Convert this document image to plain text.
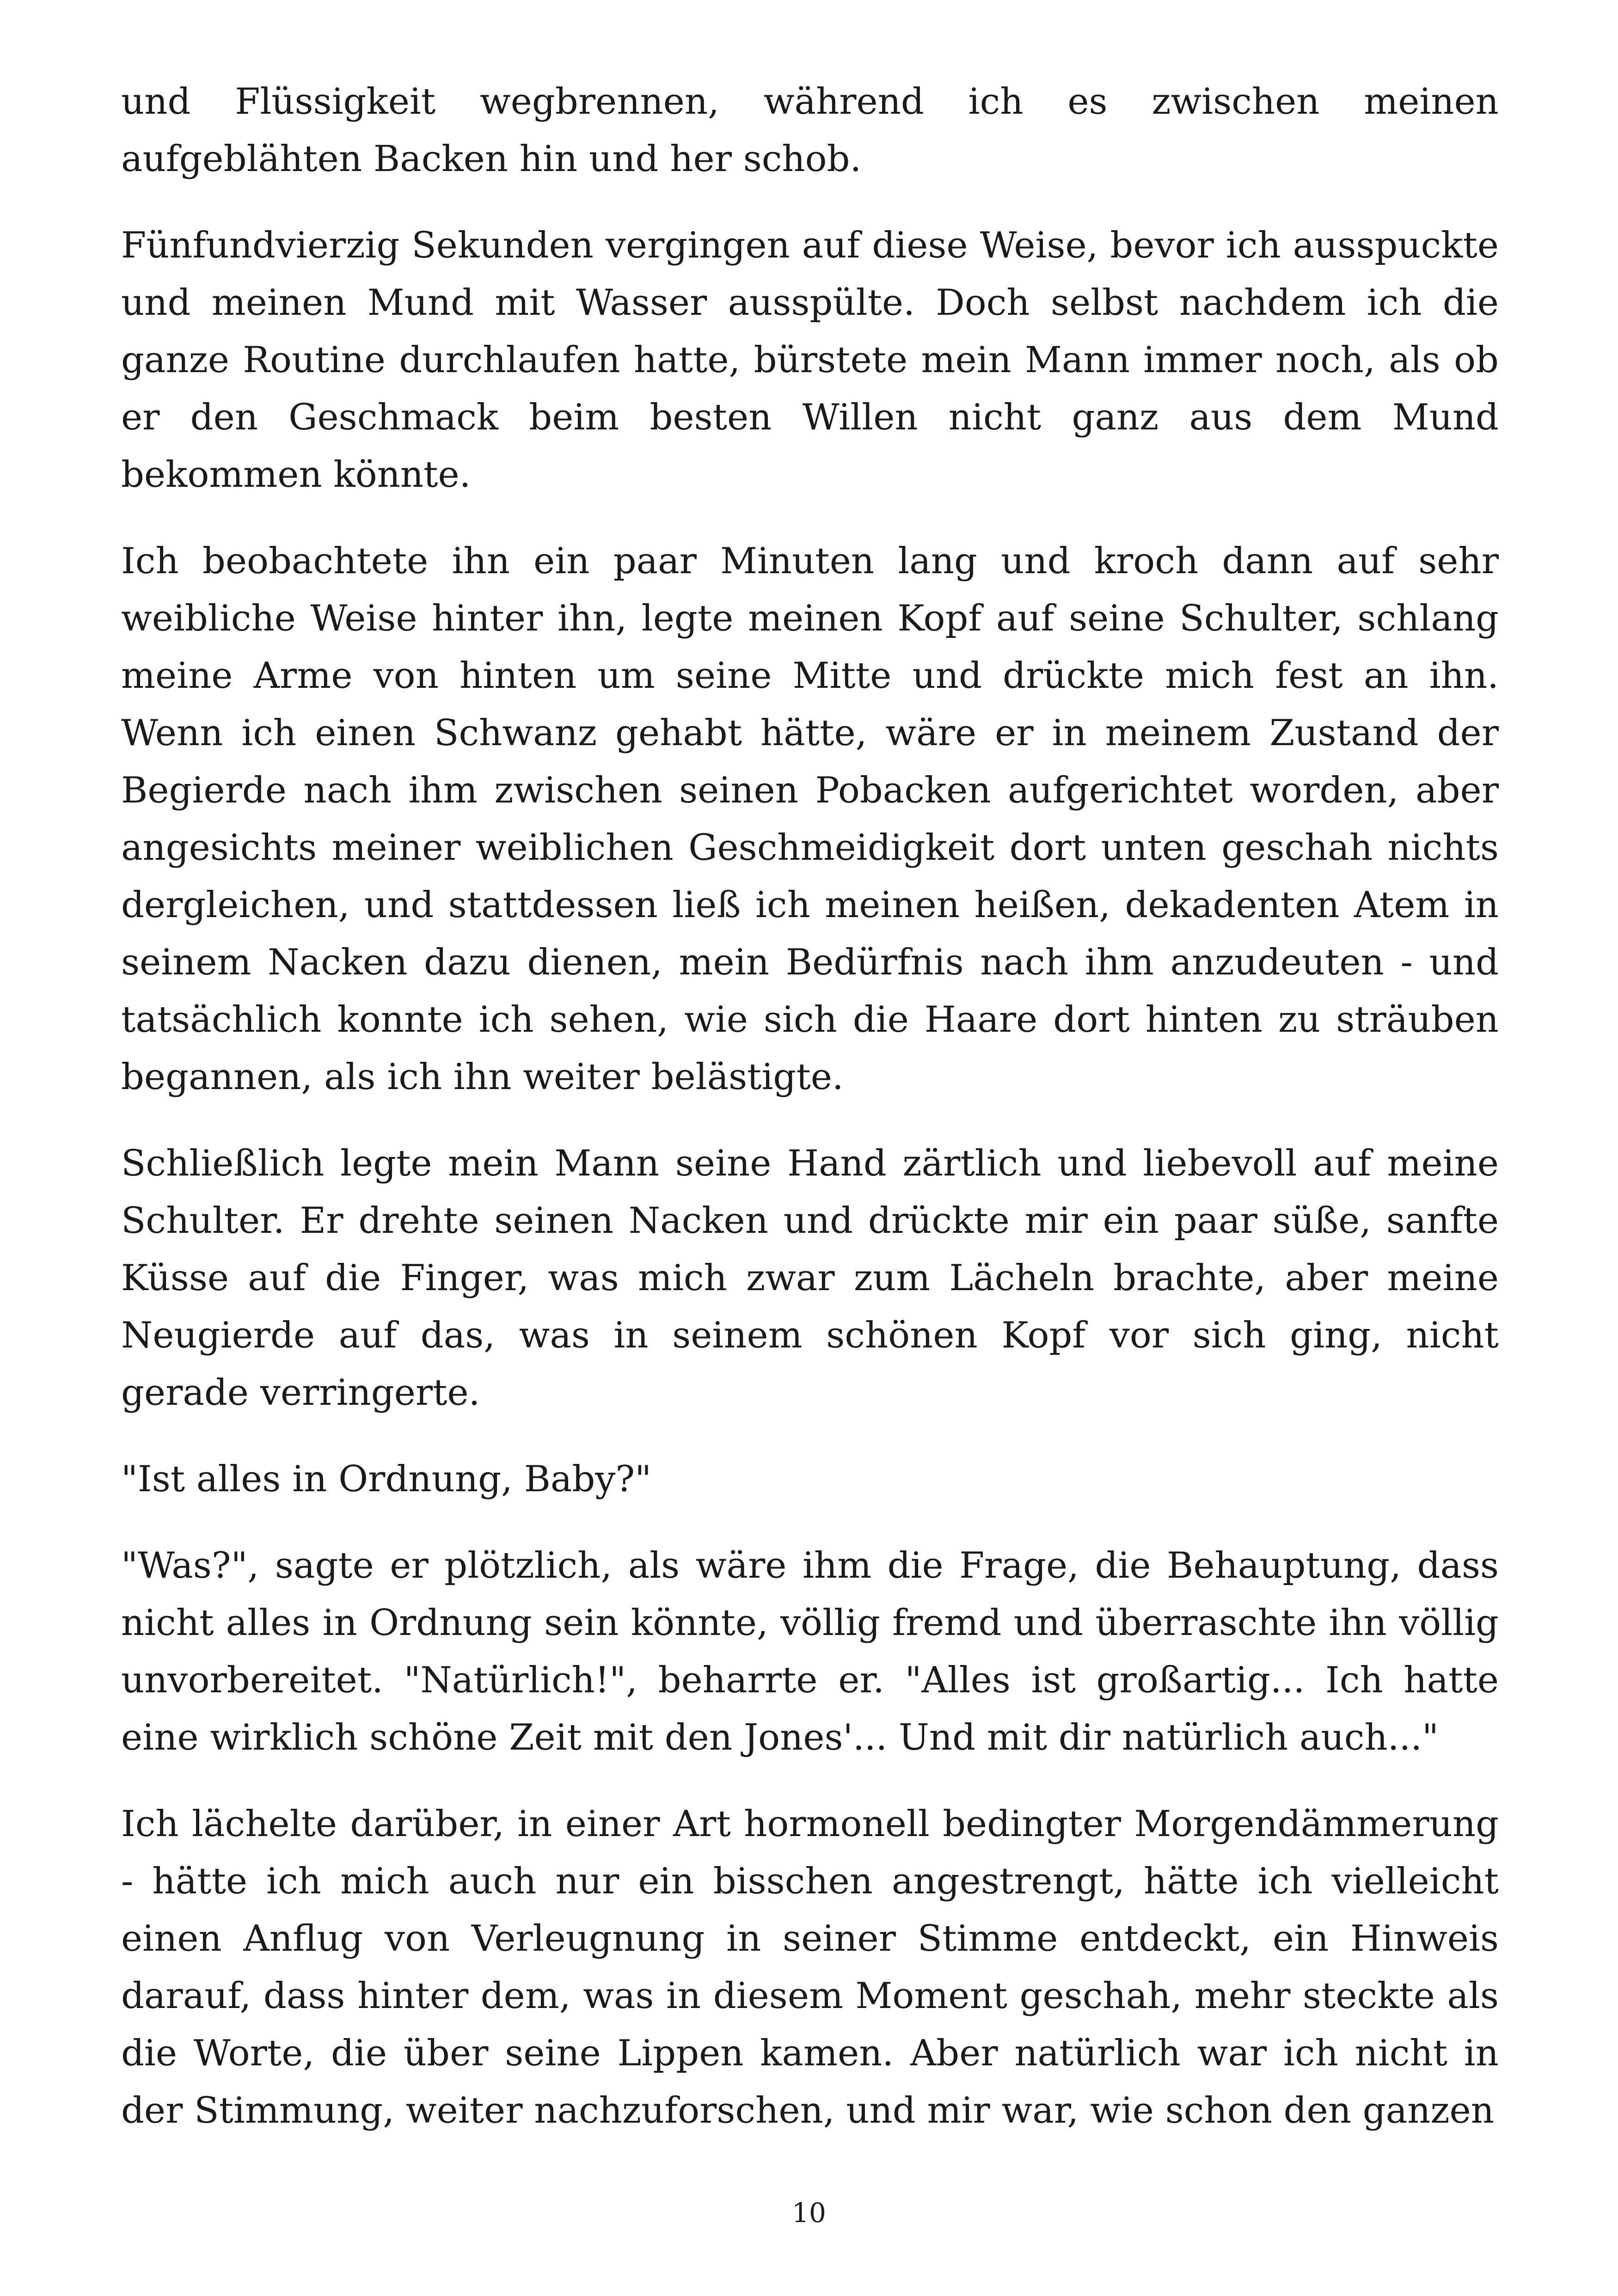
und Flüssigkeit wegbrennen, während ich es zwischen meinen aufgeblähten Backen hin und her schob.

Fünfundvierzig Sekunden vergingen auf diese Weise, bevor ich ausspuckte und meinen Mund mit Wasser ausspülte. Doch selbst nachdem ich die ganze Routine durchlaufen hatte, bürstete mein Mann immer noch, als ob er den Geschmack beim besten Willen nicht ganz aus dem Mund bekommen könnte.

Ich beobachtete ihn ein paar Minuten lang und kroch dann auf sehr weibliche Weise hinter ihn, legte meinen Kopf auf seine Schulter, schlang meine Arme von hinten um seine Mitte und drückte mich fest an ihn. Wenn ich einen Schwanz gehabt hätte, wäre er in meinem Zustand der Begierde nach ihm zwischen seinen Pobacken aufgerichtet worden, aber angesichts meiner weiblichen Geschmeidigkeit dort unten geschah nichts dergleichen, und stattdessen ließ ich meinen heißen, dekadenten Atem in seinem Nacken dazu dienen, mein Bedürfnis nach ihm anzudeuten - und tatsächlich konnte ich sehen, wie sich die Haare dort hinten zu sträuben begannen, als ich ihn weiter belästigte.

Schließlich legte mein Mann seine Hand zärtlich und liebevoll auf meine Schulter. Er drehte seinen Nacken und drückte mir ein paar süße, sanfte Küsse auf die Finger, was mich zwar zum Lächeln brachte, aber meine Neugierde auf das, was in seinem schönen Kopf vor sich ging, nicht gerade verringerte.

"Ist alles in Ordnung, Baby?"

"Was?", sagte er plötzlich, als wäre ihm die Frage, die Behauptung, dass nicht alles in Ordnung sein könnte, völlig fremd und überraschte ihn völlig unvorbereitet. "Natürlich!", beharrte er. "Alles ist großartig... Ich hatte eine wirklich schöne Zeit mit den Jones'... Und mit dir natürlich auch..."

Ich lächelte darüber, in einer Art hormonell bedingter Morgendämmerung - hätte ich mich auch nur ein bisschen angestrengt, hätte ich vielleicht einen Anflug von Verleugnung in seiner Stimme entdeckt, ein Hinweis darauf, dass hinter dem, was in diesem Moment geschah, mehr steckte als die Worte, die über seine Lippen kamen. Aber natürlich war ich nicht in der Stimmung, weiter nachzuforschen, und mir war, wie schon den ganzen

10
